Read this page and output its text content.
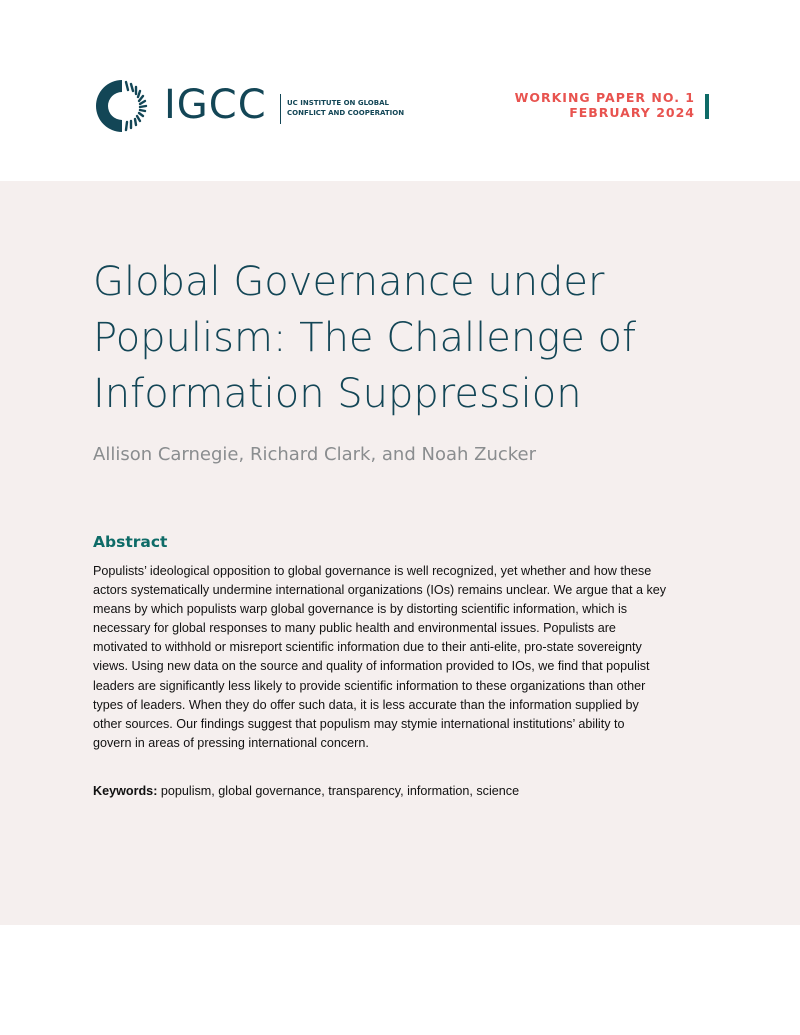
IGCC	UC INSTITUTE ON GLOBAL
CONFLICT AND COOPERATION
WORKING PAPER NO. 1
FEBRUARY 2024
Global Governance under
Populism: The Challenge of
Information Suppression
Allison Carnegie, Richard Clark, and Noah Zucker
Abstract
Populists’ ideological opposition to global governance is well recognized, yet whether and how these
actors systematically undermine international organizations (IOs) remains unclear. We argue that a key
means by which populists warp global governance is by distorting scientific information, which is
necessary for global responses to many public health and environmental issues. Populists are
motivated to withhold or misreport scientific information due to their anti-elite, pro-state sovereignty
views. Using new data on the source and quality of information provided to IOs, we find that populist
leaders are significantly less likely to provide scientific information to these organizations than other
types of leaders. When they do offer such data, it is less accurate than the information supplied by
other sources. Our findings suggest that populism may stymie international institutions’ ability to
govern in areas of pressing international concern.
Keywords: populism, global governance, transparency, information, science
